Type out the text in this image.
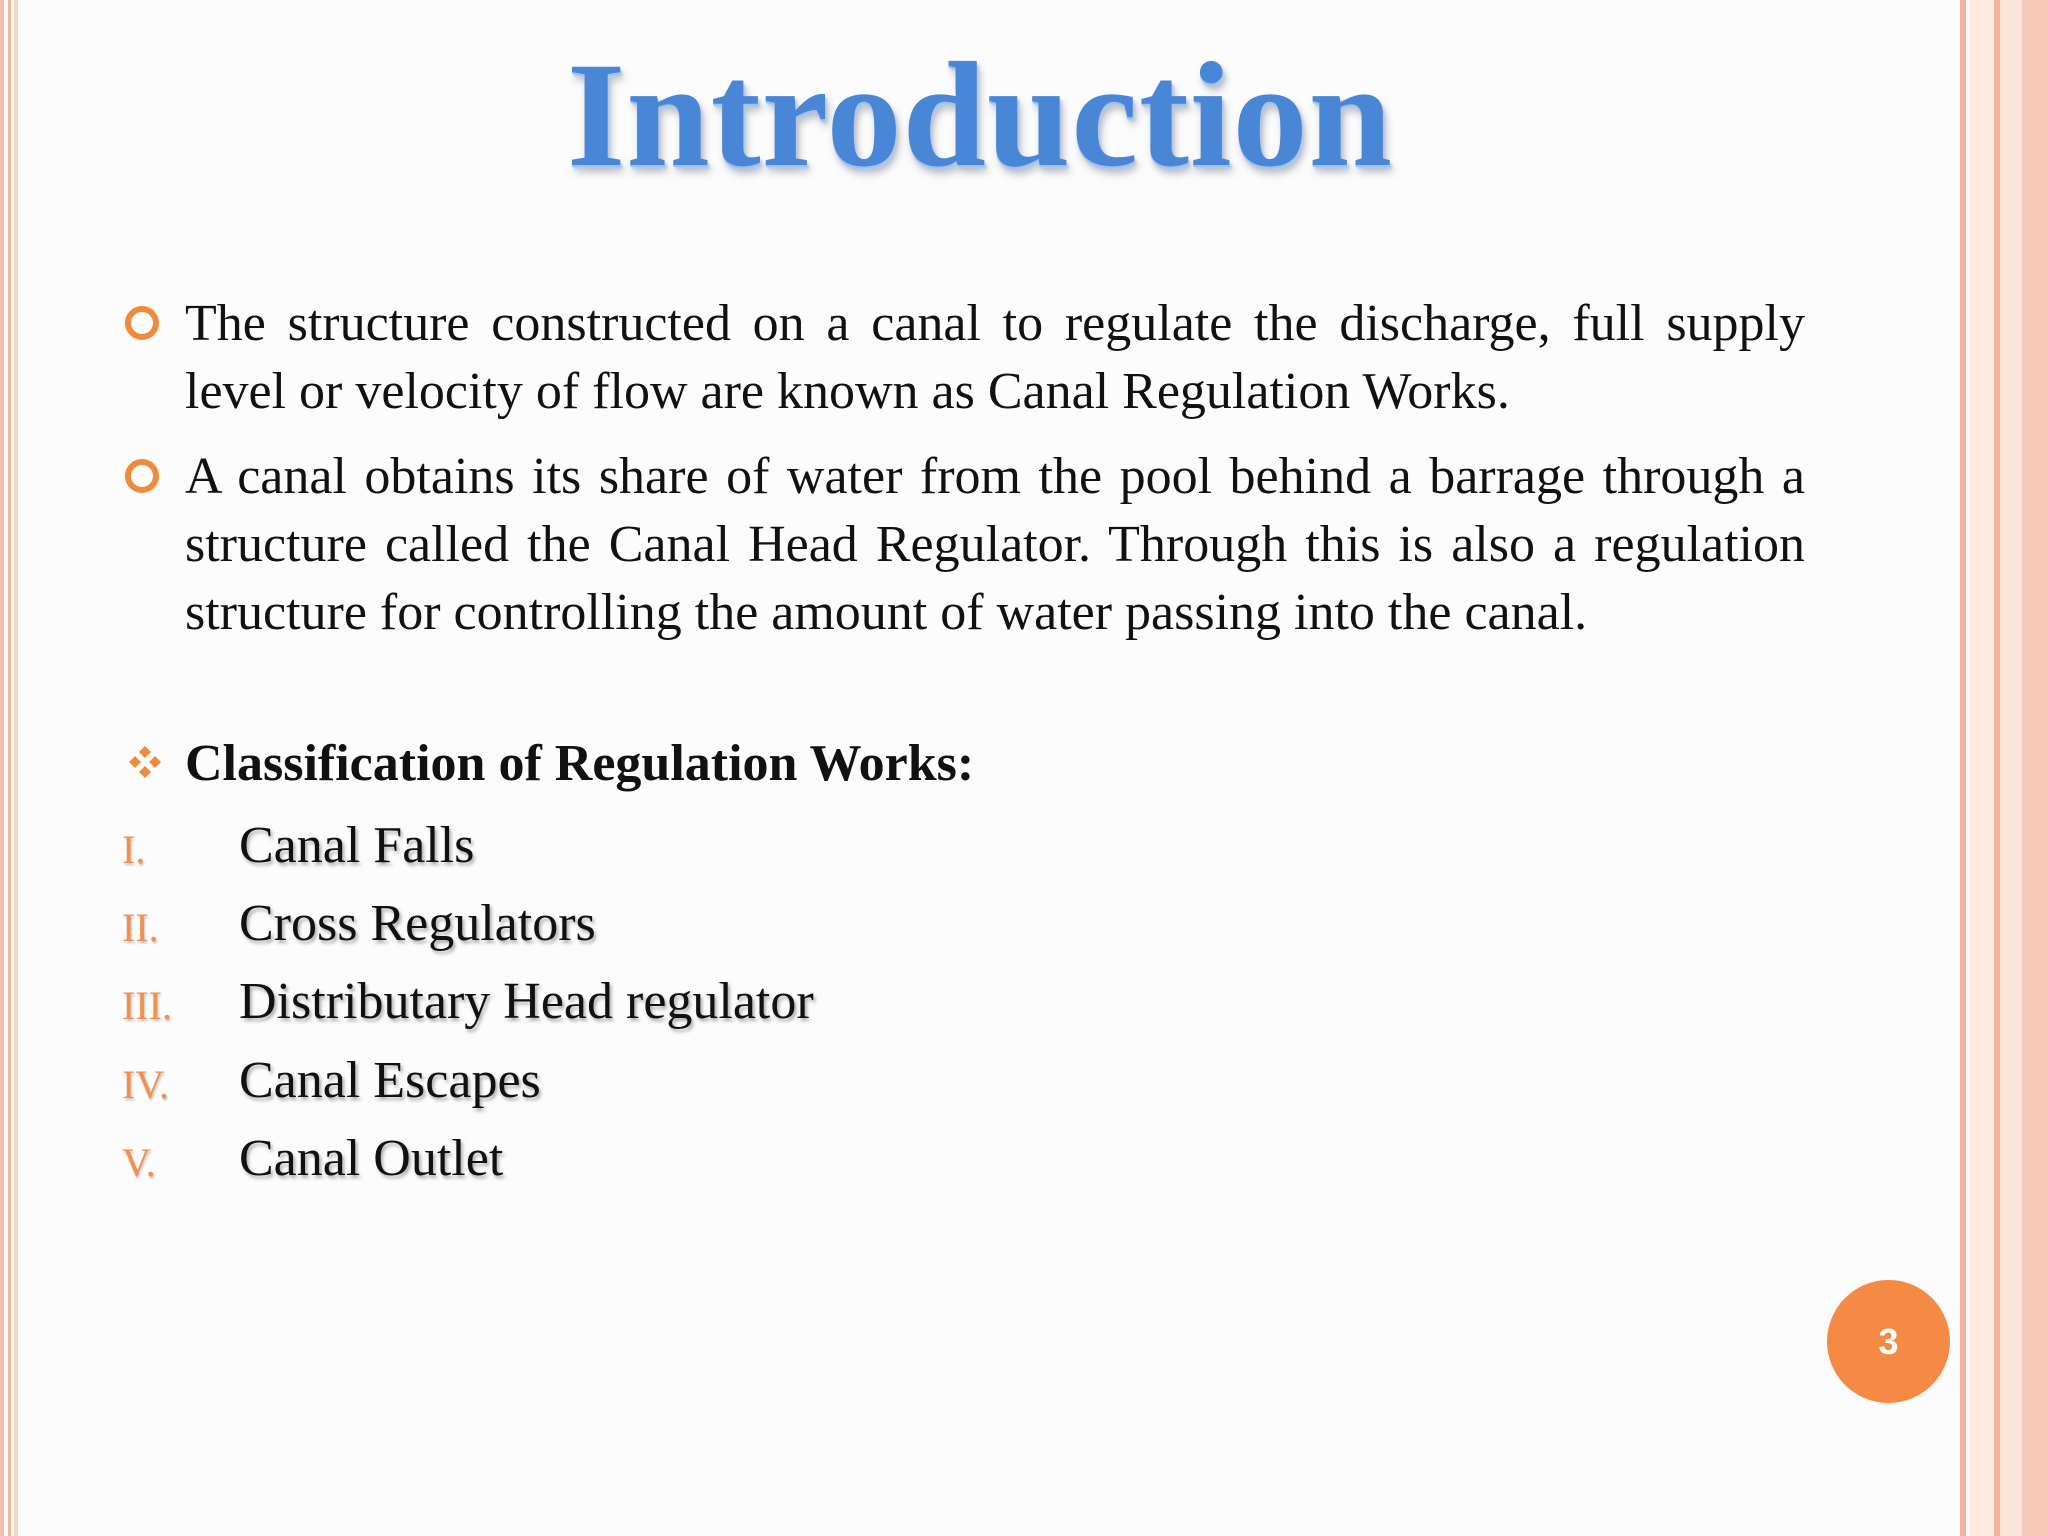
Introduction
The structure constructed on a canal to regulate the discharge, full supply level or velocity of flow are known as Canal Regulation Works.
A canal obtains its share of water from the pool behind a barrage through a structure called the Canal Head Regulator. Through this is also a regulation structure for controlling the amount of water passing into the canal.
Classification of Regulation Works:
I. Canal Falls
II. Cross Regulators
III. Distributary Head regulator
IV. Canal Escapes
V. Canal Outlet
3
